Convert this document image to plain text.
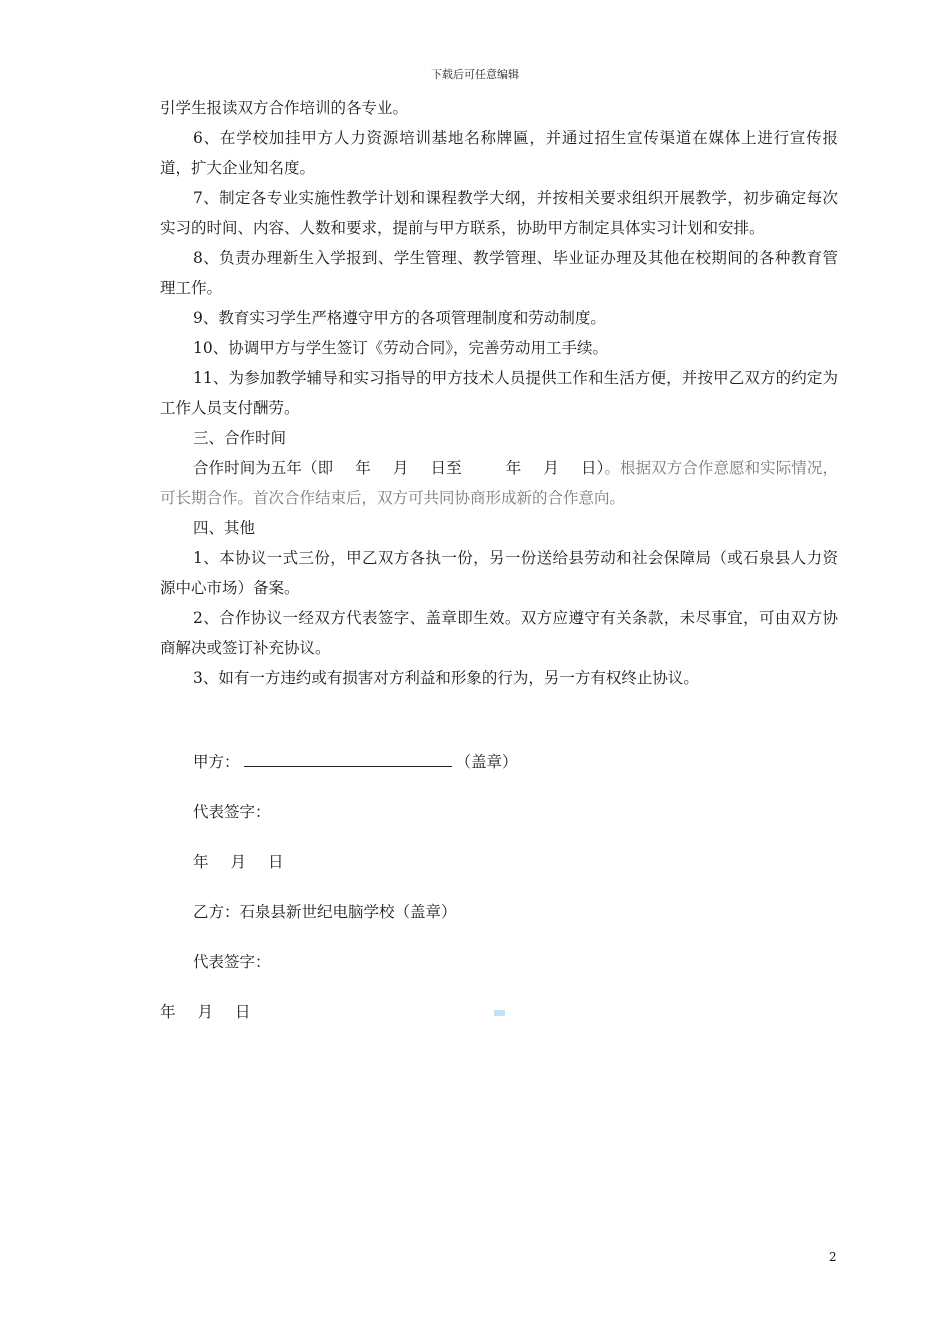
下载后可任意编辑

引学生报读双方合作培训的各专业。

6、在学校加挂甲方人力资源培训基地名称牌匾，并通过招生宣传渠道在媒体上进行宣传报道，扩大企业知名度。

7、制定各专业实施性教学计划和课程教学大纲，并按相关要求组织开展教学，初步确定每次实习的时间、内容、人数和要求，提前与甲方联系，协助甲方制定具体实习计划和安排。

8、负责办理新生入学报到、学生管理、教学管理、毕业证办理及其他在校期间的各种教育管理工作。

9、教育实习学生严格遵守甲方的各项管理制度和劳动制度。

10、协调甲方与学生签订《劳动合同》，完善劳动用工手续。

11、为参加教学辅导和实习指导的甲方技术人员提供工作和生活方便，并按甲乙双方的约定为工作人员支付酬劳。

三、合作时间

合作时间为五年（即 年 月 日至	年 月 日）。根据双方合作意愿和实际情况，可长期合作。首次合作结束后，双方可共同协商形成新的合作意向。

四、其他

1、本协议一式三份，甲乙双方各执一份，另一份送给县劳动和社会保障局（或石泉县人力资源中心市场）备案。

2、合作协议一经双方代表签字、盖章即生效。双方应遵守有关条款，未尽事宜，可由双方协商解决或签订补充协议。

3、如有一方违约或有损害对方利益和形象的行为，另一方有权终止协议。

甲方：	（盖章）
代表签字：
年 月 日
乙方：石泉县新世纪电脑学校（盖章）
代表签字：
年 月 日
2
